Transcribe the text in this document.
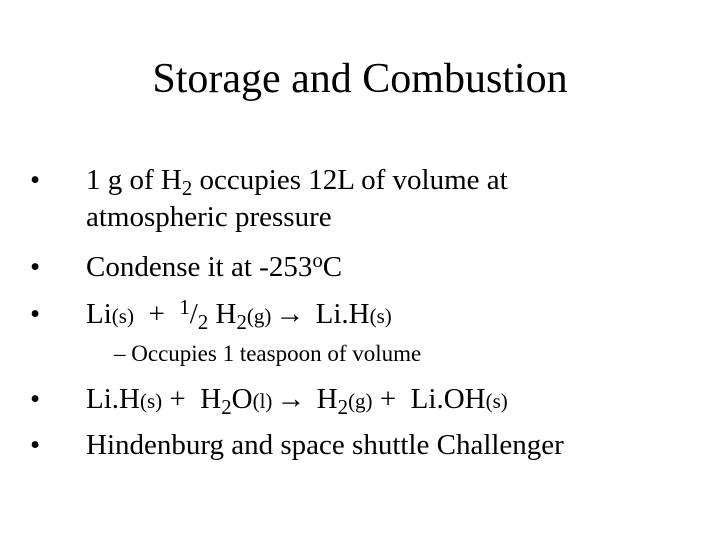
Storage and Combustion
• 1 g of $H_2$ occupies 12L of volume at
atmospheric pressure
• Condense it at -253$^o$C
• $Li(s) + ^1/_2$ $H_2(g) \to Li.H(s)$
– Occupies 1 teaspoon of volume
• $Li.H(s) + H_2O(l) \to H_2(g) + Li.OH(s)$
• Hindenburg and space shuttle Challenger
